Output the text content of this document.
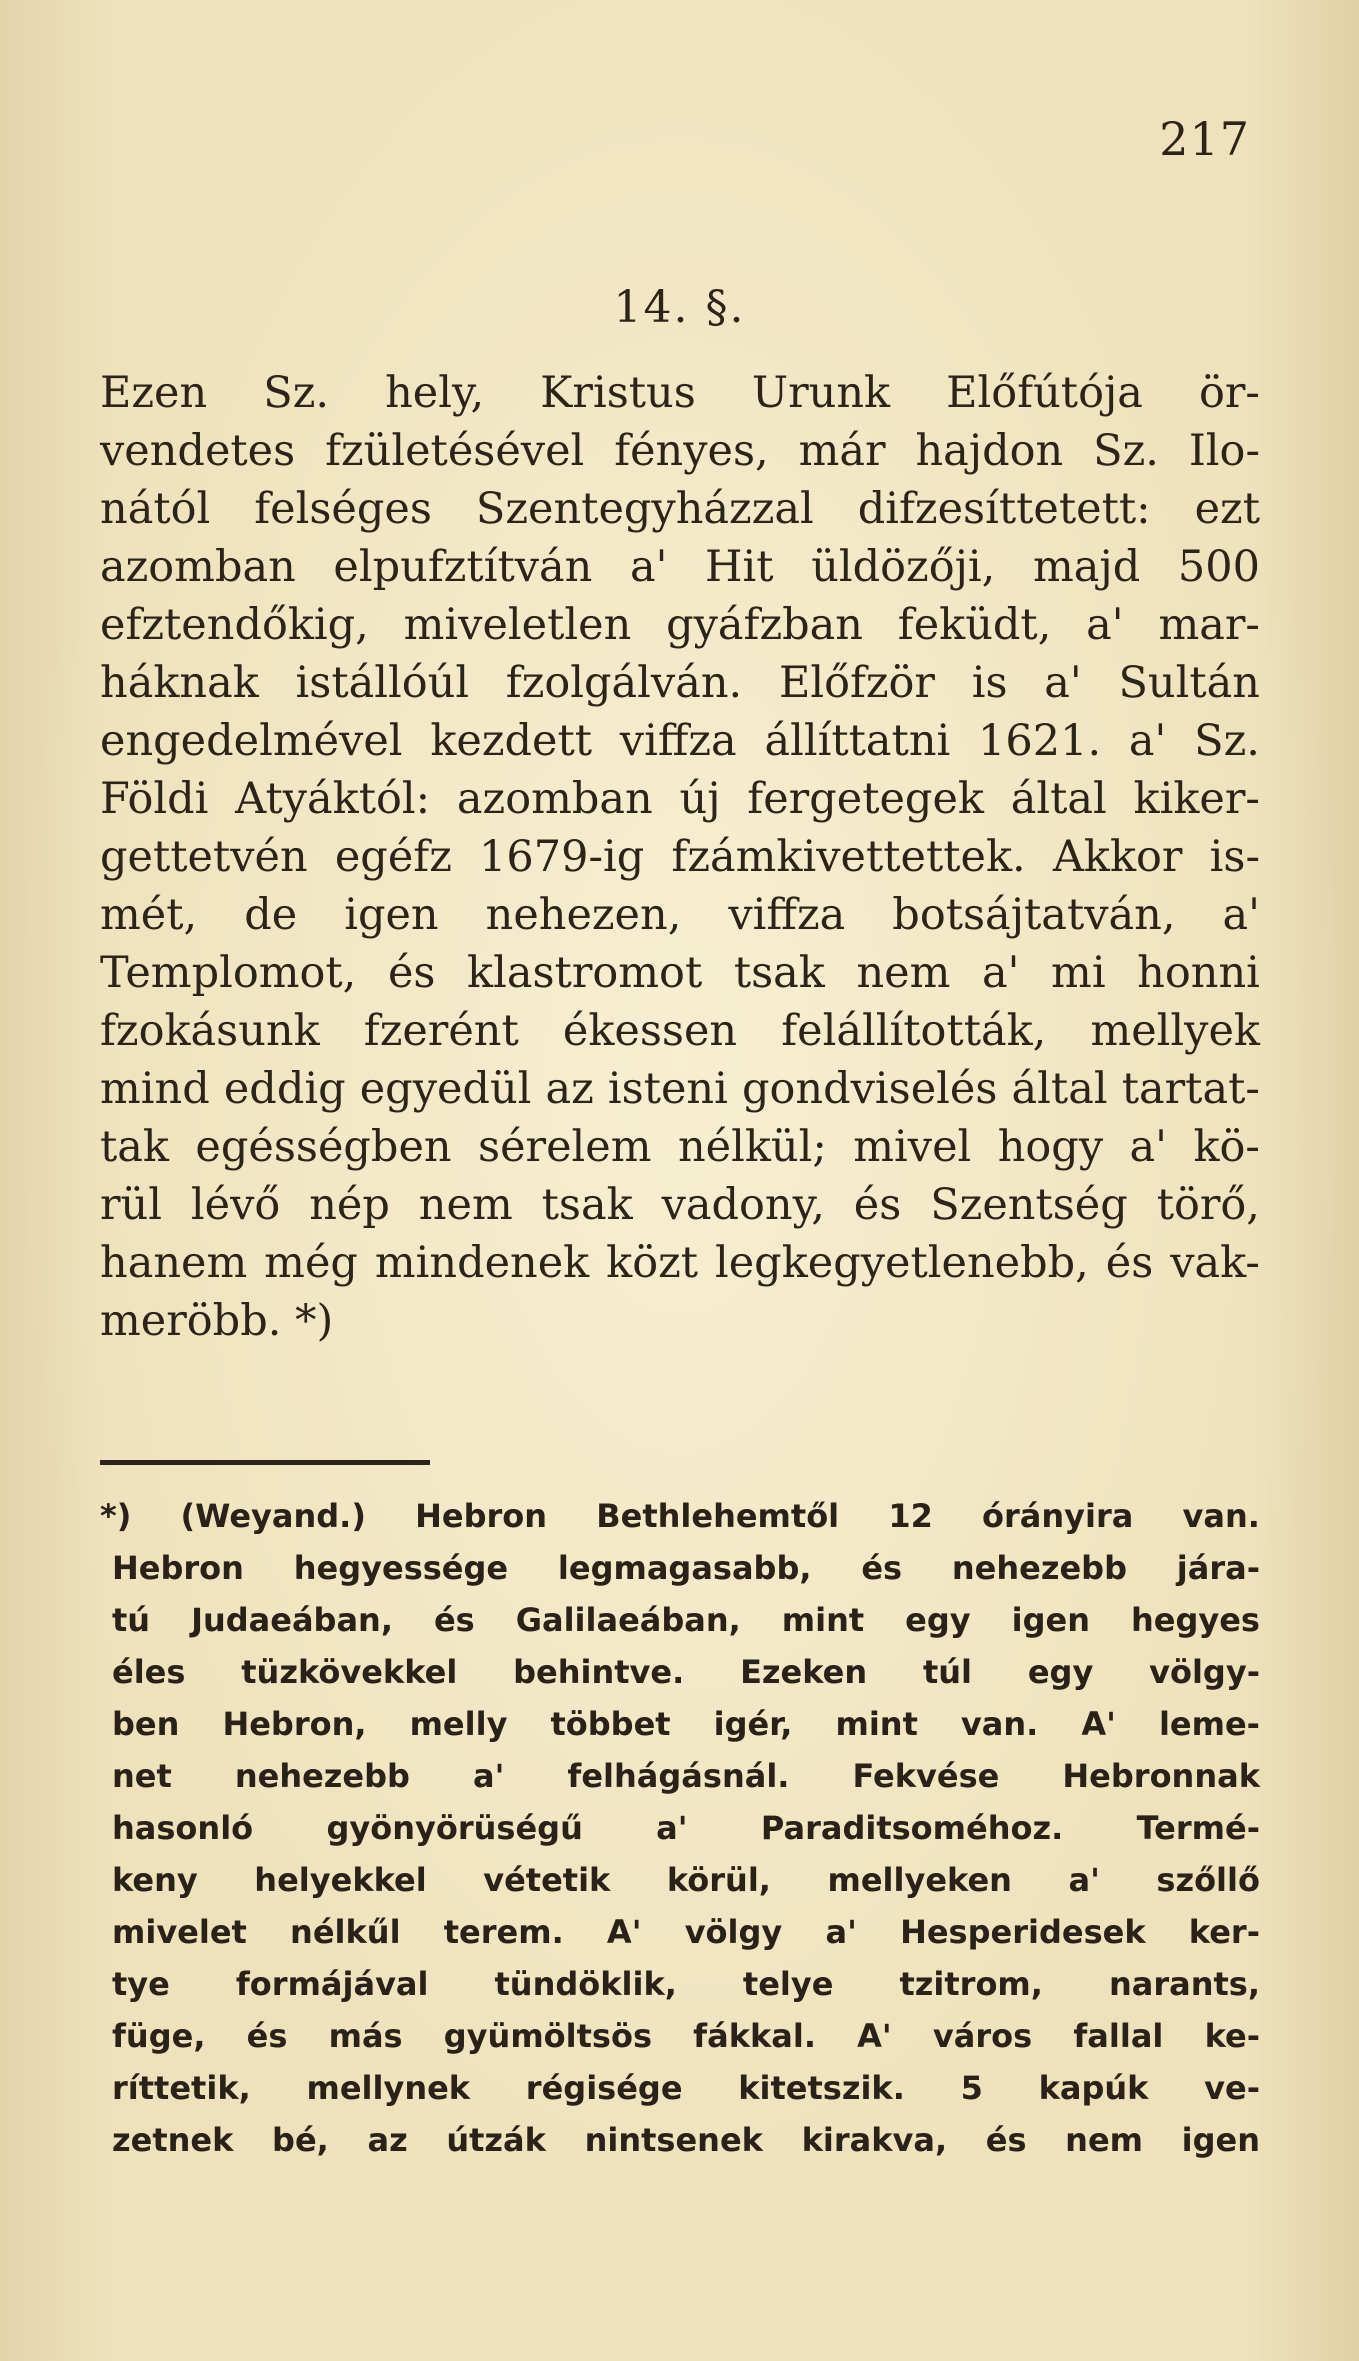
217
14. §.
Ezen Sz. hely, Kristus Urunk Előfútója ör-
vendetes fzületésével fényes, már hajdon Sz. Ilo-
nától felséges Szentegyházzal difzesíttetett: ezt
azomban elpufztítván a' Hit üldözőji, majd 500
efztendőkig, miveletlen gyáfzban feküdt, a' mar-
háknak istállóúl fzolgálván. Előfzör is a' Sultán
engedelmével kezdett viffza állíttatni 1621. a' Sz.
Földi Atyáktól: azomban új fergetegek által kiker-
gettetvén egéfz 1679-ig fzámkivettettek. Akkor is-
mét, de igen nehezen, viffza botsájtatván, a'
Templomot, és klastromot tsak nem a' mi honni
fzokásunk fzerént ékessen felállították, mellyek
mind eddig egyedül az isteni gondviselés által tartat-
tak egésségben sérelem nélkül; mivel hogy a' kö-
rül lévő nép nem tsak vadony, és Szentség törő,
hanem még mindenek közt legkegyetlenebb, és vak-
meröbb. *)
*) (Weyand.) Hebron Bethlehemtől 12 órányira van.
Hebron hegyessége legmagasabb, és nehezebb jára-
tú Judaeában, és Galilaeában, mint egy igen hegyes
éles tüzkövekkel behintve. Ezeken túl egy völgy-
ben Hebron, melly többet igér, mint van. A' leme-
net nehezebb a' felhágásnál. Fekvése Hebronnak
hasonló gyönyörüségű a' Paraditsoméhoz. Termé-
keny helyekkel vétetik körül, mellyeken a' szőllő
mivelet nélkűl terem. A' völgy a' Hesperidesek ker-
tye formájával tündöklik, telye tzitrom, narants,
füge, és más gyümöltsös fákkal. A' város fallal ke-
ríttetik, mellynek régisége kitetszik. 5 kapúk ve-
zetnek bé, az útzák nintsenek kirakva, és nem igen
